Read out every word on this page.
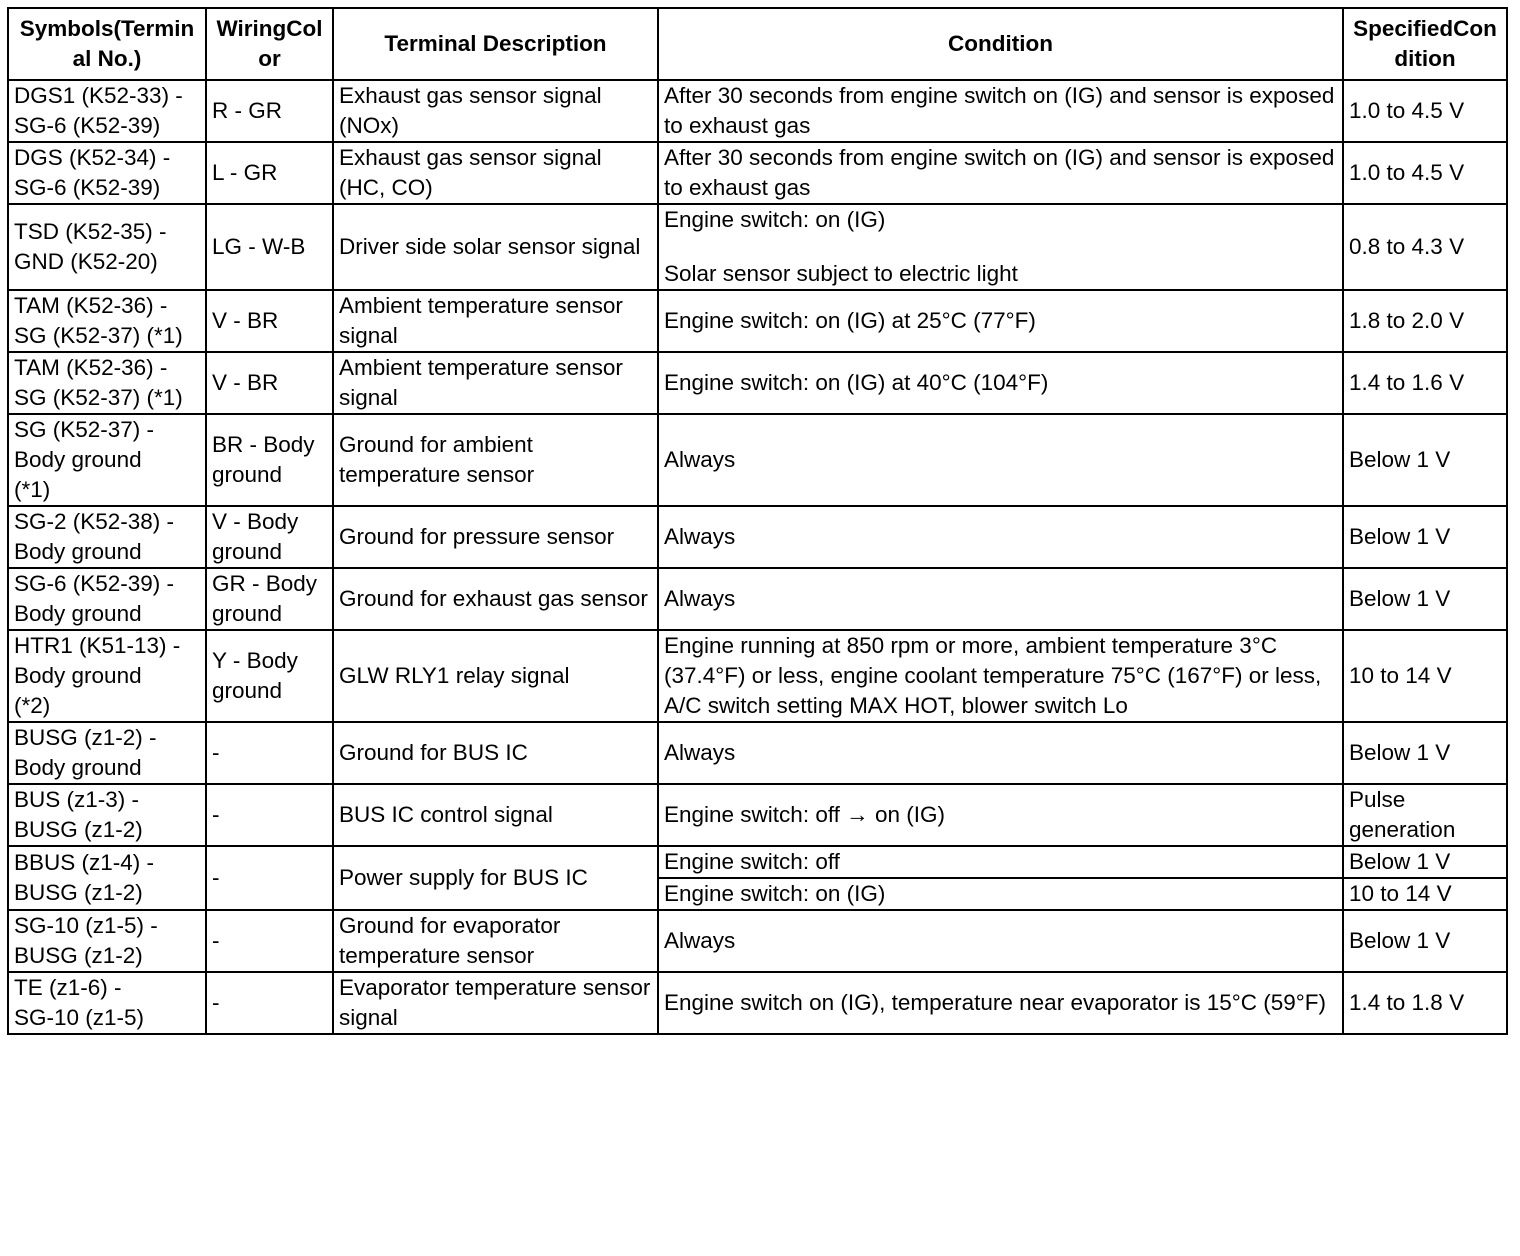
Symbols(Terminal No.)	WiringColor	Terminal Description	Condition	SpecifiedCondition

DGS1 (K52-33) -
SG-6 (K52-39)	R - GR	Exhaust gas sensor signal (NOx)	After 30 seconds from engine switch on (IG) and sensor is exposed to exhaust gas	1.0 to 4.5 V

DGS (K52-34) -
SG-6 (K52-39)	L - GR	Exhaust gas sensor signal (HC, CO)	After 30 seconds from engine switch on (IG) and sensor is exposed to exhaust gas	1.0 to 4.5 V

TSD (K52-35) -
GND (K52-20)	LG - W-B	Driver side solar sensor signal	Engine switch: on (IG)
Solar sensor subject to electric light	0.8 to 4.3 V

TAM (K52-36) -
SG (K52-37) (*1)	V - BR	Ambient temperature sensor signal	Engine switch: on (IG) at 25°C (77°F)	1.8 to 2.0 V

TAM (K52-36) -
SG (K52-37) (*1)	V - BR	Ambient temperature sensor signal	Engine switch: on (IG) at 40°C (104°F)	1.4 to 1.6 V

SG (K52-37) -
Body ground
(*1)	BR - Body ground	Ground for ambient temperature sensor	Always	Below 1 V

SG-2 (K52-38) -
Body ground	V - Body ground	Ground for pressure sensor	Always	Below 1 V

SG-6 (K52-39) -
Body ground	GR - Body ground	Ground for exhaust gas sensor	Always	Below 1 V

HTR1 (K51-13) -
Body ground
(*2)	Y - Body ground	GLW RLY1 relay signal	Engine running at 850 rpm or more, ambient temperature 3°C (37.4°F) or less, engine coolant temperature 75°C (167°F) or less, A/C switch setting MAX HOT, blower switch Lo	10 to 14 V

BUSG (z1-2) -
Body ground	-	Ground for BUS IC	Always	Below 1 V

BUS (z1-3) -
BUSG (z1-2)	-	BUS IC control signal	Engine switch: off → on (IG)	Pulse generation

BBUS (z1-4) -
BUSG (z1-2)	-	Power supply for BUS IC	Engine switch: off	Below 1 V
			Engine switch: on (IG)	10 to 14 V

SG-10 (z1-5) -
BUSG (z1-2)	-	Ground for evaporator temperature sensor	Always	Below 1 V

TE (z1-6) -
SG-10 (z1-5)	-	Evaporator temperature sensor signal	Engine switch on (IG), temperature near evaporator is 15°C (59°F)	1.4 to 1.8 V
